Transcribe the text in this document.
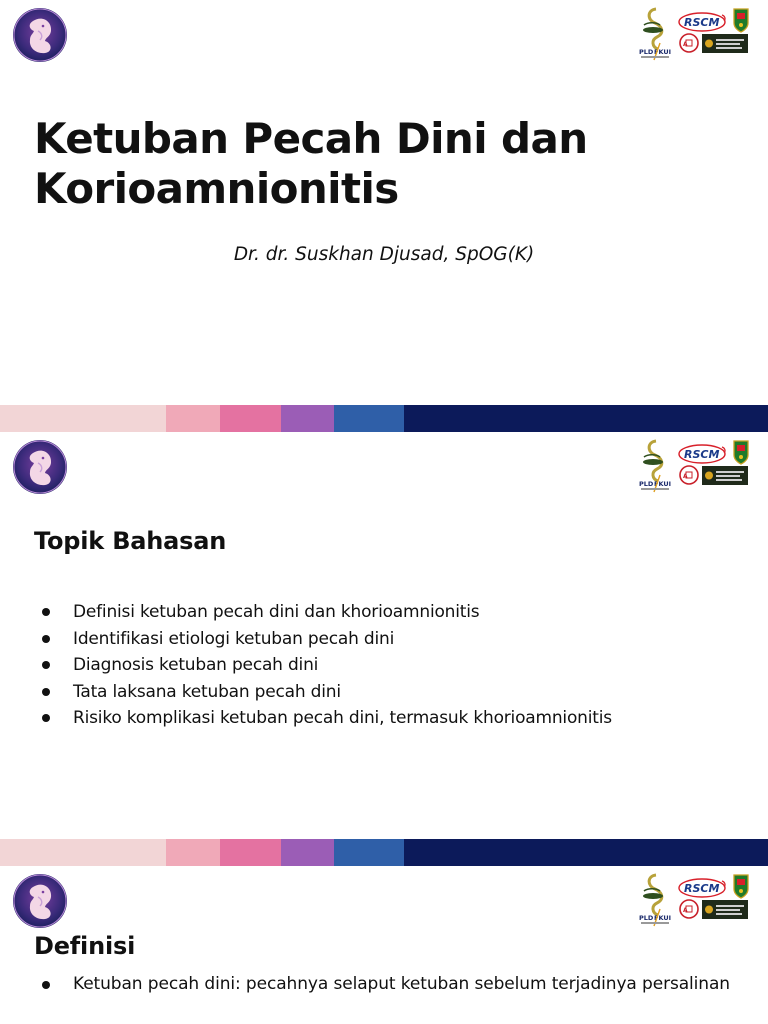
Ketuban Pecah Dini dan
Korioamnionitis
Dr. dr. Suskhan Djusad, SpOG(K)
Topik Bahasan
Definisi ketuban pecah dini dan khorioamnionitis
Identifikasi etiologi ketuban pecah dini
Diagnosis ketuban pecah dini
Tata laksana ketuban pecah dini
Risiko komplikasi ketuban pecah dini, termasuk khorioamnionitis
Definisi
Ketuban pecah dini: pecahnya selaput ketuban sebelum terjadinya persalinan
